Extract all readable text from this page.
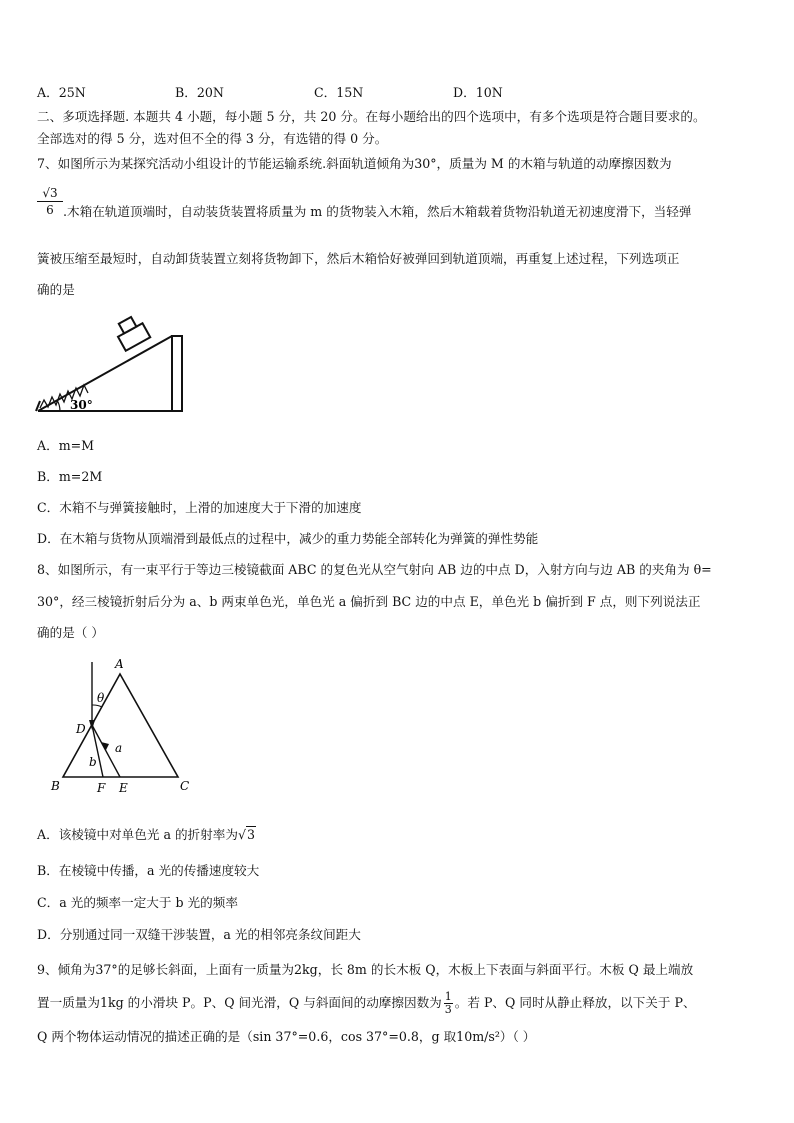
A．25N	B．20N	C．15N	D．10N
二、多项选择题. 本题共 4 小题，每小题 5 分，共 20 分。在每小题给出的四个选项中，有多个选项是符合题目要求的。
全部选对的得 5 分，选对但不全的得 3 分，有选错的得 0 分。
7、如图所示为某探究活动小组设计的节能运输系统.斜面轨道倾角为30°，质量为 M 的木箱与轨道的动摩擦因数为
$\frac{√3}{6}$ .木箱在轨道顶端时，自动装货装置将质量为 m 的货物装入木箱，然后木箱载着货物沿轨道无初速度滑下，当轻弹
簧被压缩至最短时，自动卸货装置立刻将货物卸下，然后木箱恰好被弹回到轨道顶端，再重复上述过程，下列选项正
确的是
30°
A．m=M
B．m=2M
C．木箱不与弹簧接触时，上滑的加速度大于下滑的加速度
D．在木箱与货物从顶端滑到最低点的过程中，减少的重力势能全部转化为弹簧的弹性势能
8、如图所示，有一束平行于等边三棱镜截面 ABC 的复色光从空气射向 AB 边的中点 D，入射方向与边 AB 的夹角为 θ=
30°，经三棱镜折射后分为 a、b 两束单色光，单色光 a 偏折到 BC 边的中点 E，单色光 b 偏折到 F 点，则下列说法正
确的是（ ）
A
B	C
D
E
F
a
b
θ
A．该棱镜中对单色光 a 的折射率为√3
B．在棱镜中传播，a 光的传播速度较大
C．a 光的频率一定大于 b 光的频率
D．分别通过同一双缝干涉装置，a 光的相邻亮条纹间距大
9、倾角为37°的足够长斜面，上面有一质量为2kg，长 8m 的长木板 Q，木板上下表面与斜面平行。木板 Q 最上端放
置一质量为1kg 的小滑块 P。P、Q 间光滑，Q 与斜面间的动摩擦因数为 $\frac{1}{3}$ 。若 P、Q 同时从静止释放，以下关于 P、
Q 两个物体运动情况的描述正确的是（sin 37°=0.6，cos 37°=0.8，g 取10m/s²）（ ）
